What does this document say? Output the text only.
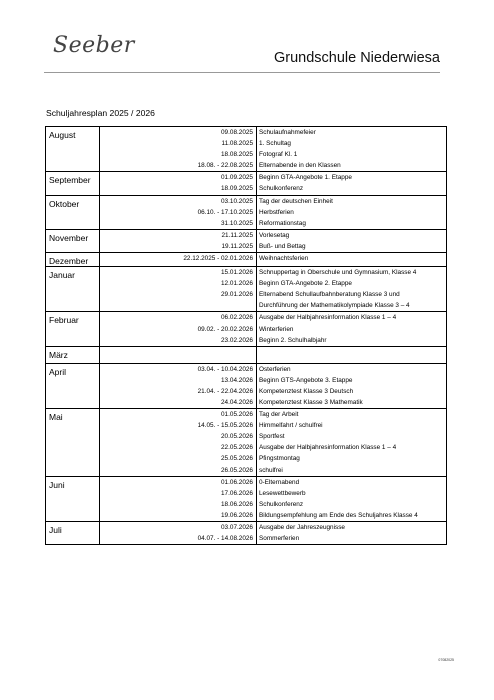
Seeber	Grundschule Niederwiesa
Schuljahresplan 2025 / 2026
August	09.08.2025	Schulaufnahmefeier
	11.08.2025	1. Schultag
	18.08.2025	Fotograf Kl. 1
	18.08. - 22.08.2025	Elternabende in den Klassen
September	01.09.2025	Beginn GTA-Angebote 1. Etappe
	18.09.2025	Schulkonferenz
Oktober	03.10.2025	Tag der deutschen Einheit
	06.10. - 17.10.2025	Herbstferien
	31.10.2025	Reformationstag
November	21.11.2025	Vorlesetag
	19.11.2025	Buß- und Bettag
Dezember	22.12.2025 - 02.01.2026	Weihnachtsferien
Januar	15.01.2026	Schnuppertag in Oberschule und Gymnasium, Klasse 4
	12.01.2026	Beginn GTA-Angebote 2. Etappe
	29.01.2026	Elternabend Schullaufbahnberatung Klasse 3 und
		Durchführung der Mathematikolympiade Klasse 3 – 4
Februar	06.02.2026	Ausgabe der Halbjahresinformation Klasse 1 – 4
	09.02. - 20.02.2026	Winterferien
	23.02.2026	Beginn 2. Schulhalbjahr
März		
April	03.04. - 10.04.2026	Osterferien
	13.04.2026	Beginn GTS-Angebote 3. Etappe
	21.04. - 22.04.2026	Kompetenztest Klasse 3 Deutsch
	24.04.2026	Kompetenztest Klasse 3 Mathematik
Mai	01.05.2026	Tag der Arbeit
	14.05. - 15.05.2026	Himmelfahrt / schulfrei
	20.05.2026	Sportfest
	22.05.2026	Ausgabe der Halbjahresinformation Klasse 1 – 4
	25.05.2026	Pfingstmontag
	26.05.2026	schulfrei
Juni	01.06.2026	0-Elternabend
	17.06.2026	Lesewettbewerb
	18.06.2026	Schulkonferenz
	19.06.2026	Bildungsempfehlung am Ende des Schuljahres Klasse 4
Juli	03.07.2026	Ausgabe der Jahreszeugnisse
	04.07. - 14.08.2026	Sommerferien
07082025
